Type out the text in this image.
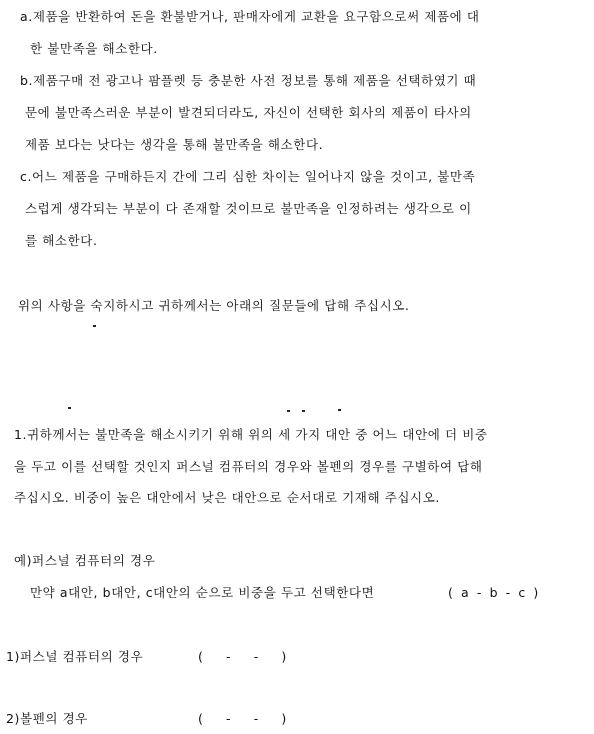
a.제품을 반환하여 돈을 환불받거나, 판매자에게 교환을 요구함으로써 제품에 대
한 불만족을 해소한다.
b.제품구매 전 광고나 팜플렛 등 충분한 사전 정보를 통해 제품을 선택하였기 때
문에 불만족스러운 부분이 발견되더라도, 자신이 선택한 회사의 제품이 타사의
제품 보다는 낫다는 생각을 통해 불만족을 해소한다.
c.어느 제품을 구매하든지 간에 그리 심한 차이는 일어나지 않을 것이고, 불만족
스럽게 생각되는 부분이 다 존재할 것이므로 불만족을 인정하려는 생각으로 이
를 해소한다.
위의 사항을 숙지하시고 귀하께서는 아래의 질문들에 답해 주십시오.
1.귀하께서는 불만족을 해소시키기 위해 위의 세 가지 대안 중 어느 대안에 더 비중
을 두고 이를 선택할 것인지 퍼스널 컴퓨터의 경우와 볼펜의 경우를 구별하여 답해
주십시오. 비중이 높은 대안에서 낮은 대안으로 순서대로 기재해 주십시오.
예)퍼스널 컴퓨터의 경우
만약 a대안, b대안, c대안의 순으로 비중을 두고 선택한다면	( a - b - c )
1)퍼스널 컴퓨터의 경우	( - - )
2)볼펜의 경우	( - - )
